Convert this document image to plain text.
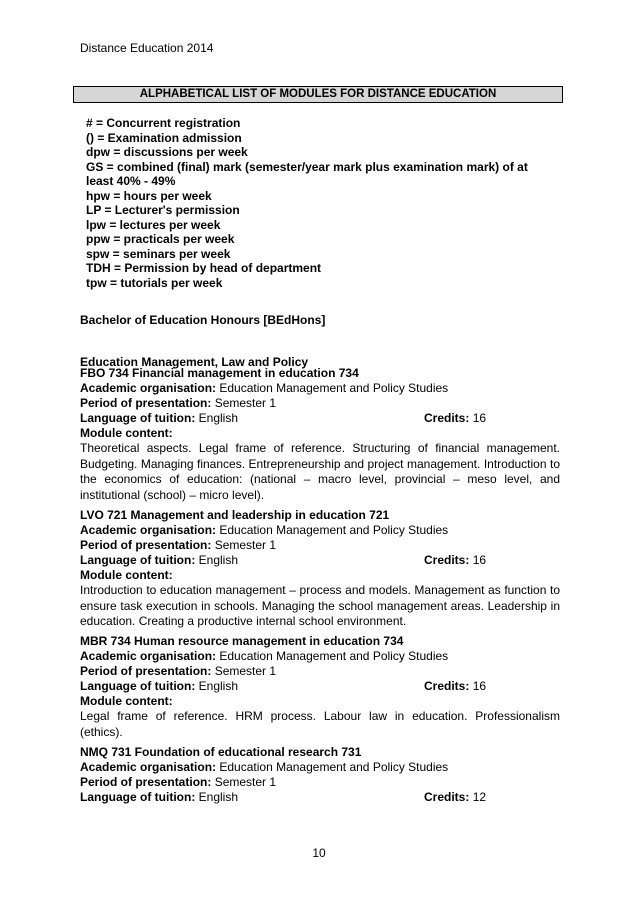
Distance Education 2014
ALPHABETICAL LIST OF MODULES FOR DISTANCE EDUCATION
# = Concurrent registration
() = Examination admission
dpw = discussions per week
GS = combined (final) mark (semester/year mark plus examination mark) of at
least 40% - 49%
hpw = hours per week
LP = Lecturer's permission
lpw = lectures per week
ppw = practicals per week
spw = seminars per week
TDH = Permission by head of department
tpw = tutorials per week
Bachelor of Education Honours [BEdHons]
Education Management, Law and Policy
FBO 734 Financial management in education 734
Academic organisation: Education Management and Policy Studies
Period of presentation: Semester 1
Language of tuition: English	Credits: 16
Module content:
Theoretical aspects. Legal frame of reference. Structuring of financial management. Budgeting. Managing finances. Entrepreneurship and project management. Introduction to the economics of education: (national – macro level, provincial – meso level, and institutional (school) – micro level).
LVO 721 Management and leadership in education 721
Academic organisation: Education Management and Policy Studies
Period of presentation: Semester 1
Language of tuition: English	Credits: 16
Module content:
Introduction to education management – process and models. Management as function to ensure task execution in schools. Managing the school management areas. Leadership in education. Creating a productive internal school environment.
MBR 734 Human resource management in education 734
Academic organisation: Education Management and Policy Studies
Period of presentation: Semester 1
Language of tuition: English	Credits: 16
Module content:
Legal frame of reference. HRM process. Labour law in education. Professionalism (ethics).
NMQ 731 Foundation of educational research 731
Academic organisation: Education Management and Policy Studies
Period of presentation: Semester 1
Language of tuition: English	Credits: 12
10
